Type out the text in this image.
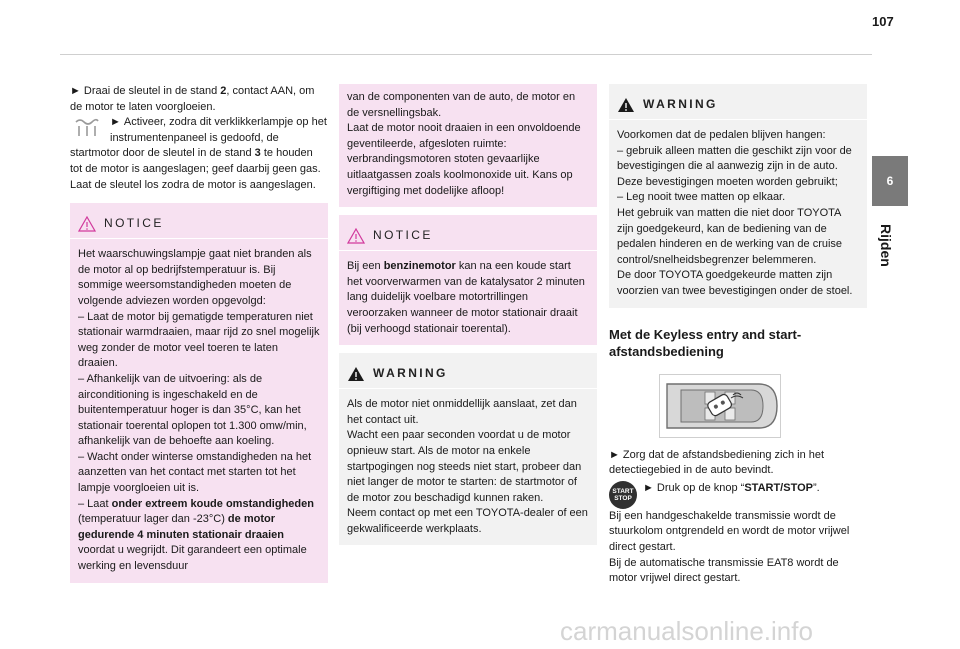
107
6
Rijden

► Draai de sleutel in de stand 2, contact AAN, om de motor te laten voorgloeien.

► Activeer, zodra dit verklikkerlampje op het instrumentenpaneel is gedoofd, de startmotor door de sleutel in de stand 3 te houden tot de motor is aangeslagen; geef daarbij geen gas. Laat de sleutel los zodra de motor is aangeslagen.

NOTICE

Het waarschuwingslampje gaat niet branden als de motor al op bedrijfstemperatuur is. Bij sommige weersomstandigheden moeten de volgende adviezen worden opgevolgd:

– Laat de motor bij gematigde temperaturen niet stationair warmdraaien, maar rijd zo snel mogelijk weg zonder de motor veel toeren te laten draaien.

– Afhankelijk van de uitvoering: als de airconditioning is ingeschakeld en de buitentemperatuur hoger is dan 35°C, kan het stationair toerental oplopen tot 1.300 omw/min, afhankelijk van de behoefte aan koeling.

– Wacht onder winterse omstandigheden na het aanzetten van het contact met starten tot het lampje voorgloeien uit is.

– Laat onder extreem koude omstandigheden (temperatuur lager dan -23°C) de motor gedurende 4 minuten stationair draaien voordat u wegrijdt. Dit garandeert een optimale werking en levensduur

van de componenten van de auto, de motor en de versnellingsbak.

Laat de motor nooit draaien in een onvoldoende geventileerde, afgesloten ruimte: verbrandingsmotoren stoten gevaarlijke uitlaatgassen zoals koolmonoxide uit. Kans op vergiftiging met dodelijke afloop!

NOTICE

Bij een benzinemotor kan na een koude start het voorverwarmen van de katalysator 2 minuten lang duidelijk voelbare motortrillingen veroorzaken wanneer de motor stationair draait (bij verhoogd stationair toerental).

WARNING

Als de motor niet onmiddellijk aanslaat, zet dan het contact uit.

Wacht een paar seconden voordat u de motor opnieuw start. Als de motor na enkele startpogingen nog steeds niet start, probeer dan niet langer de motor te starten: de startmotor of de motor zou beschadigd kunnen raken.

Neem contact op met een TOYOTA-dealer of een gekwalificeerde werkplaats.

WARNING

Voorkomen dat de pedalen blijven hangen:

– gebruik alleen matten die geschikt zijn voor de bevestigingen die al aanwezig zijn in de auto. Deze bevestigingen moeten worden gebruikt;

– Leg nooit twee matten op elkaar.

Het gebruik van matten die niet door TOYOTA zijn goedgekeurd, kan de bediening van de pedalen hinderen en de werking van de cruise control/snelheidsbegrenzer belemmeren.

De door TOYOTA goedgekeurde matten zijn voorzien van twee bevestigingen onder de stoel.

Met de Keyless entry and start-afstandsbediening

► Zorg dat de afstandsbediening zich in het detectiegebied in de auto bevindt.

START
STOP
► Druk op de knop “START/STOP”.

Bij een handgeschakelde transmissie wordt de stuurkolom ontgrendeld en wordt de motor vrijwel direct gestart.

Bij de automatische transmissie EAT8 wordt de motor vrijwel direct gestart.

carmanualsonline.info
